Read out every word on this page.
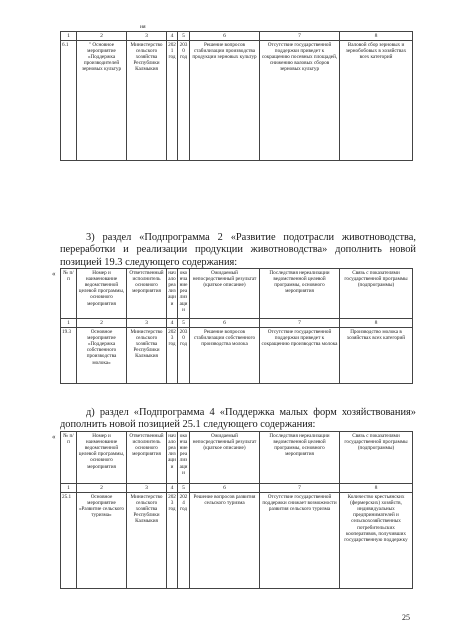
ия
1	2	3	4	5	6	7	8
6.1	" Основное мероприятие «Поддержка производителей зерновых культур	Министерство сельского хозяйства Республики Калмыкия	2021 год	2030 год	Решение вопросов стабилизации производства продукции зерновых культур	Отсутствие государственной поддержки приведет к сокращению посевных площадей, снижению валовых сборов зерновых культур	Валовой сбор зерновых и зернобобовых в хозяйствах всех категорий

3) раздел «Подпрограмма 2 «Развитие подотрасли животноводства, переработки и реализации продукции животноводства» дополнить новой позицией 19.3 следующего содержания:

« № п/п	Номер и наименование ведомственной целевой программы, основного мероприятия	Ответственный исполнитель основного мероприятия	начало реализации	окончание реализации	Ожидаемый непосредственный результат (краткое описание)	Последствия нереализации ведомственной целевой программы, основного мероприятия	Связь с показателями государственной программы (подпрограммы)
1	2	3	4	5	6	7	8
19.3	Основное мероприятие «Поддержка собственного производства молока»	Министерство сельского хозяйства Республики Калмыкия	2023 год	2030 год	Решение вопросов стабилизации собственного производства молока	Отсутствие государственной поддержки приведет к сокращению производства молока	Производство молока в хозяйствах всех категорий

д) раздел «Подпрограмма 4 «Поддержка малых форм хозяйствования» дополнить новой позицией 25.1 следующего содержания:

« № п/п	Номер и наименование ведомственной целевой программы, основного мероприятия	Ответственный исполнитель основного мероприятия	начало реализации	окончание реализации	Ожидаемый непосредственный результат (краткое описание)	Последствия нереализации ведомственной целевой программы, основного мероприятия	Связь с показателями государственной программы (подпрограммы)
1	2	3	4	5	6	7	8
25.1	Основное мероприятие «Развитие сельского туризма»	Министерство сельского хозяйства Республики Калмыкия	2023 год	2024 год	Решение вопросов развития сельского туризма	Отсутствие государственной поддержки снижает возможности развития сельского туризма	Количество крестьянских (фермерских) хозяйств, индивидуальных предпринимателей и сельскохозяйственных потребительских кооперативов, получивших государственную поддержку
25
